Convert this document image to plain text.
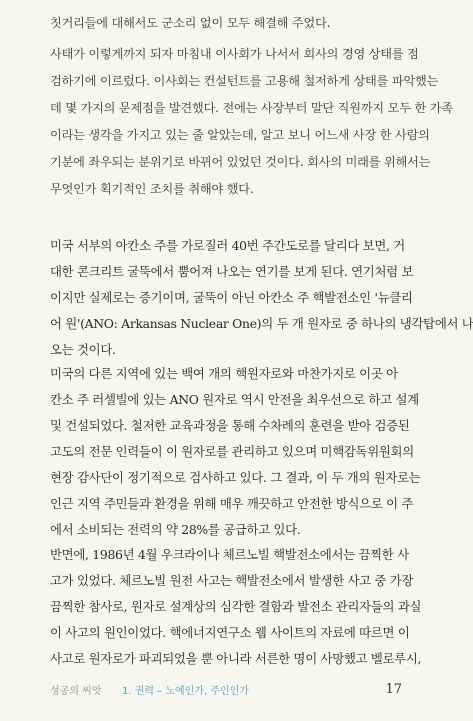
칫거리들에 대해서도 군소리 없이 모두 해결해 주었다.
사태가 이렇게까지 되자 마침내 이사회가 나서서 회사의 경영 상태를 점
검하기에 이르렀다. 이사회는 컨설턴트를 고용해 철저하게 상태를 파악했는
데 몇 가지의 문제점을 발견했다. 전에는 사장부터 말단 직원까지 모두 한 가족
이라는 생각을 가지고 있는 줄 알았는데, 알고 보니 어느새 사장 한 사람의
기분에 좌우되는 분위기로 바뀌어 있었던 것이다. 회사의 미래를 위해서는
무엇인가 획기적인 조치를 취해야 했다.
미국 서부의 아칸소 주를 가로질러 40번 주간도로를 달리다 보면, 거
대한 콘크리트 굴뚝에서 뿜어져 나오는 연기를 보게 된다. 연기처럼 보
이지만 실제로는 증기이며, 굴뚝이 아닌 아칸소 주 핵발전소인 '뉴클리
어 원'(ANO: Arkansas Nuclear One)의 두 개 원자로 중 하나의 냉각탑에서 나
오는 것이다.
미국의 다른 지역에 있는 백여 개의 핵원자로와 마찬가지로 이곳 아
칸소 주 러셀빌에 있는 ANO 원자로 역시 안전을 최우선으로 하고 설계
및 건설되었다. 철저한 교육과정을 통해 수차례의 훈련을 받아 검증된
고도의 전문 인력들이 이 원자로를 관리하고 있으며 미핵감독위원회의
현장 감사단이 정기적으로 검사하고 있다. 그 결과, 이 두 개의 원자로는
인근 지역 주민들과 환경을 위해 매우 깨끗하고 안전한 방식으로 이 주
에서 소비되는 전력의 약 28%를 공급하고 있다.
반면에, 1986년 4월 우크라이나 체르노빌 핵발전소에서는 끔찍한 사
고가 있었다. 체르노빌 원전 사고는 핵발전소에서 발생한 사고 중 가장
끔찍한 참사로, 원자로 설계상의 심각한 결함과 발전소 관리자들의 과실
이 사고의 원인이었다. 핵에너지연구소 웹 사이트의 자료에 따르면 이
사고로 원자로가 파괴되었을 뿐 아니라 서른한 명이 사망했고 벨로루시,
성공의 씨앗 1. 권력 – 노예인가, 주인인가	17
